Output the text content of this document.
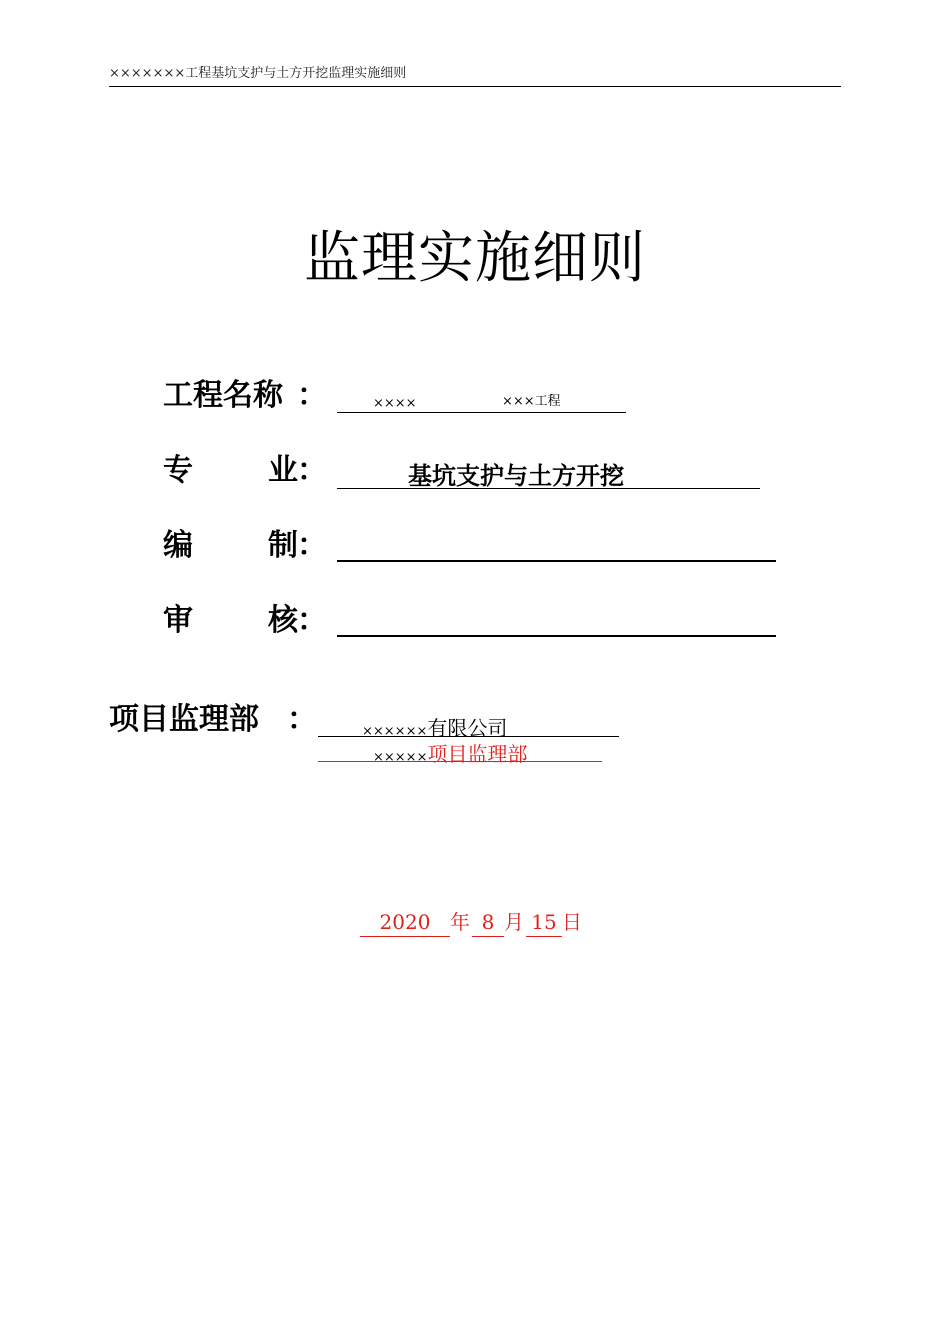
×××××××工程基坑支护与土方开挖监理实施细则
监理实施细则
工程名称 ：	××××	×××工程
专	业 ：	基坑支护与土方开挖
编	制 ：
审	核 ：
项目监理部 ：	××××××有限公司
×××××项目监理部
2020 年 8 月 15 日
